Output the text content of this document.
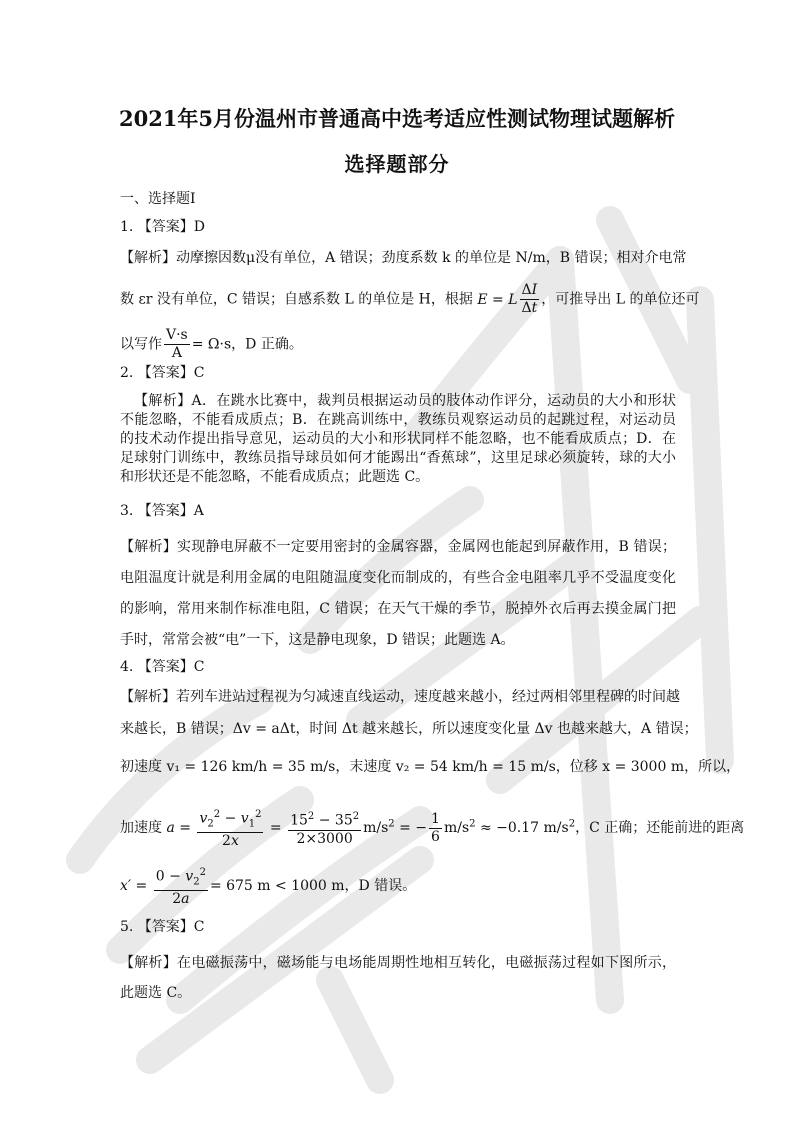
2021年5月份温州市普通高中选考适应性测试物理试题解析
选择题部分
一、选择题Ⅰ
1. 【答案】D
【解析】动摩擦因数μ没有单位，A 错误；劲度系数 k 的单位是 N/m，B 错误；相对介电常
数 εr 没有单位，C 错误；自感系数 L 的单位是 H，根据 E = L $\frac{\Delta I}{\Delta t}$ ，可推导出 L 的单位还可
以写作 $\frac{V\cdot s}{A} = \Omega\cdot s$，D 正确。
2. 【答案】C
【解析】A．在跳水比赛中，裁判员根据运动员的肢体动作评分，运动员的大小和形状不能忽略，不能看成质点；B．在跳高训练中，教练员观察运动员的起跳过程，对运动员的技术动作提出指导意见，运动员的大小和形状同样不能忽略，也不能看成质点；D．在足球射门训练中，教练员指导球员如何才能踢出“香蕉球”，这里足球必须旋转，球的大小和形状还是不能忽略，不能看成质点；此题选 C。
3. 【答案】A
【解析】实现静电屏蔽不一定要用密封的金属容器，金属网也能起到屏蔽作用，B 错误；电阻温度计就是利用金属的电阻随温度变化而制成的，有些合金电阻率几乎不受温度变化的影响，常用来制作标准电阻，C 错误；在天气干燥的季节，脱掉外衣后再去摸金属门把手时，常常会被“电”一下，这是静电现象，D 错误；此题选 A。
4. 【答案】C
【解析】若列车进站过程视为匀减速直线运动，速度越来越小，经过两相邻里程碑的时间越
来越长，B 错误；Δv = aΔt，时间 Δt 越来越长，所以速度变化量 Δv 也越来越大，A 错误；
初速度 v₁ = 126 km/h = 35 m/s，末速度 v₂ = 54 km/h = 15 m/s，位移 x = 3000 m，所以，
加速度 $a = \frac{v_2^2 - v_1^2}{2x} = \frac{15^2 - 35^2}{2\times 3000} m/s^2$ = − $\frac{1}{6} m/s^2 \approx -0.17$ $m/s^2$，C 正确；还能前进的距离
$x' = \frac{0 - v_2^2}{2a} = 675$ m < 1000 m，D 错误。
5. 【答案】C
【解析】在电磁振荡中，磁场能与电场能周期性地相互转化，电磁振荡过程如下图所示，此题选 C。
